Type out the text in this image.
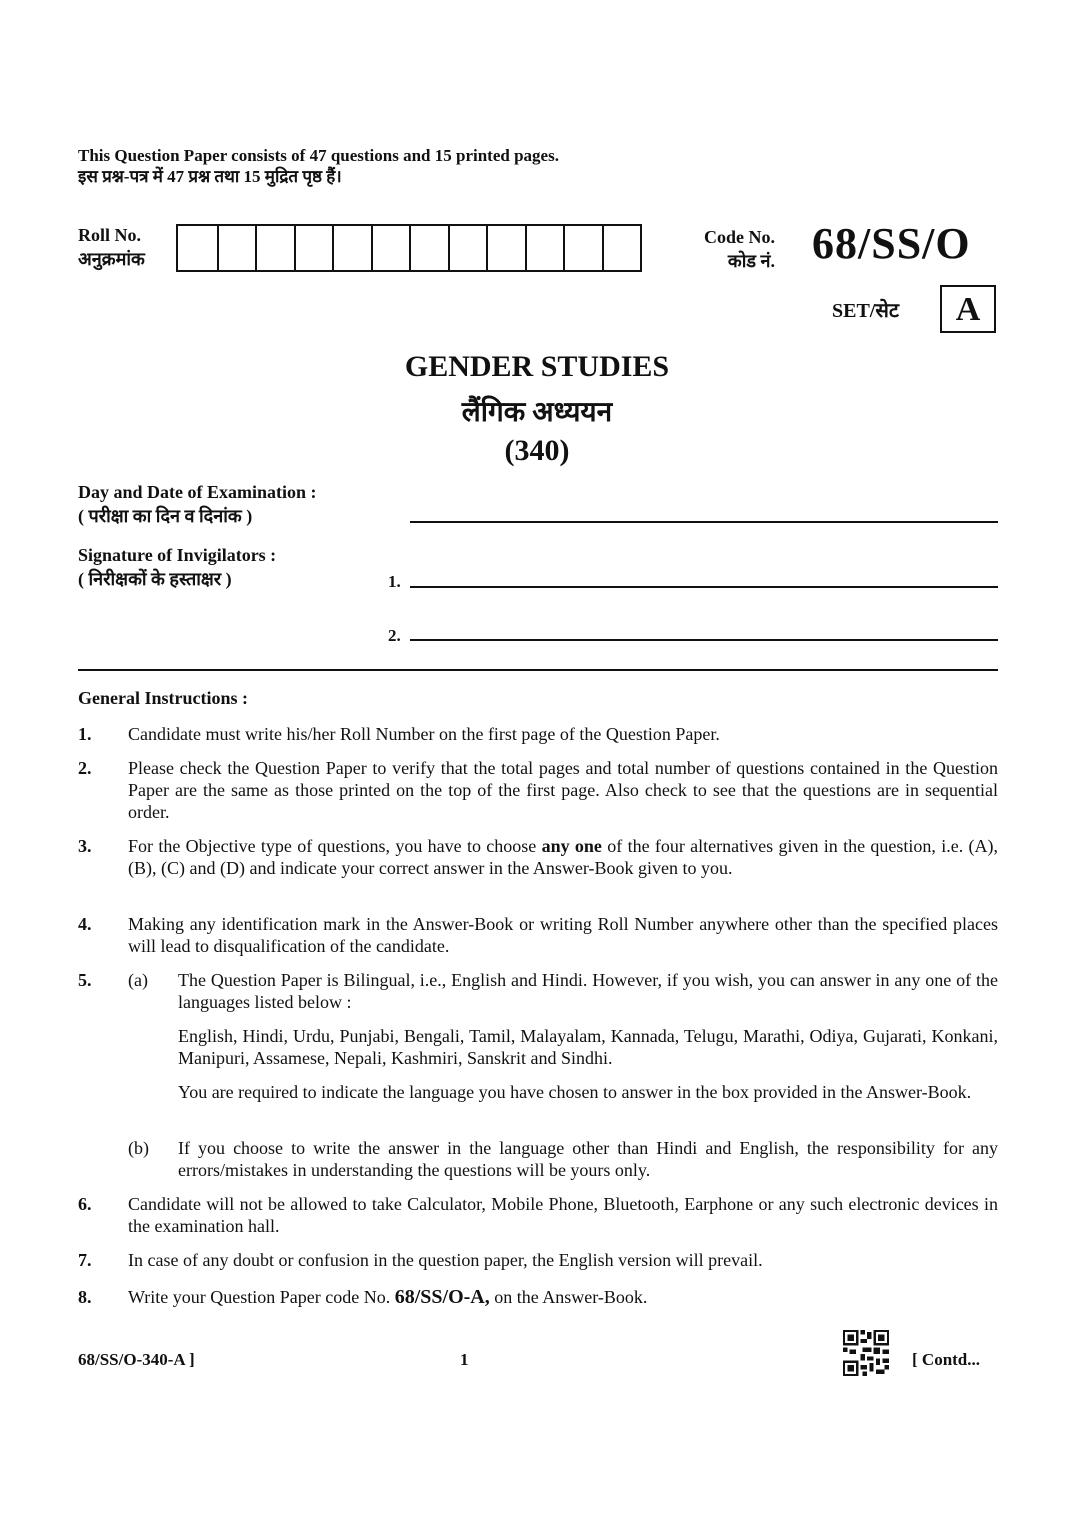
This Question Paper consists of 47 questions and 15 printed pages.
इस प्रश्न-पत्र में 47 प्रश्न तथा 15 मुद्रित पृष्ठ हैं।
Roll No.
अनुक्रमांक
Code No.
कोड नं. 68/SS/O
SET/सेट	A
GENDER STUDIES
लैंगिक अध्ययन
(340)
Day and Date of Examination :
( परीक्षा का दिन व दिनांक )
Signature of Invigilators :
( निरीक्षकों के हस्ताक्षर )	1.
2.
General Instructions :
1. Candidate must write his/her Roll Number on the first page of the Question Paper.
2. Please check the Question Paper to verify that the total pages and total number of questions contained in the Question Paper are the same as those printed on the top of the first page. Also check to see that the questions are in sequential order.
3. For the Objective type of questions, you have to choose any one of the four alternatives given in the question, i.e. (A), (B), (C) and (D) and indicate your correct answer in the Answer-Book given to you.
4. Making any identification mark in the Answer-Book or writing Roll Number anywhere other than the specified places will lead to disqualification of the candidate.
5. (a) The Question Paper is Bilingual, i.e., English and Hindi. However, if you wish, you can answer in any one of the languages listed below :
English, Hindi, Urdu, Punjabi, Bengali, Tamil, Malayalam, Kannada, Telugu, Marathi, Odiya, Gujarati, Konkani, Manipuri, Assamese, Nepali, Kashmiri, Sanskrit and Sindhi.
You are required to indicate the language you have chosen to answer in the box provided in the Answer-Book.
(b) If you choose to write the answer in the language other than Hindi and English, the responsibility for any errors/mistakes in understanding the questions will be yours only.
6. Candidate will not be allowed to take Calculator, Mobile Phone, Bluetooth, Earphone or any such electronic devices in the examination hall.
7. In case of any doubt or confusion in the question paper, the English version will prevail.
8. Write your Question Paper code No. 68/SS/O-A, on the Answer-Book.
68/SS/O-340-A ]	1	[ Contd...
